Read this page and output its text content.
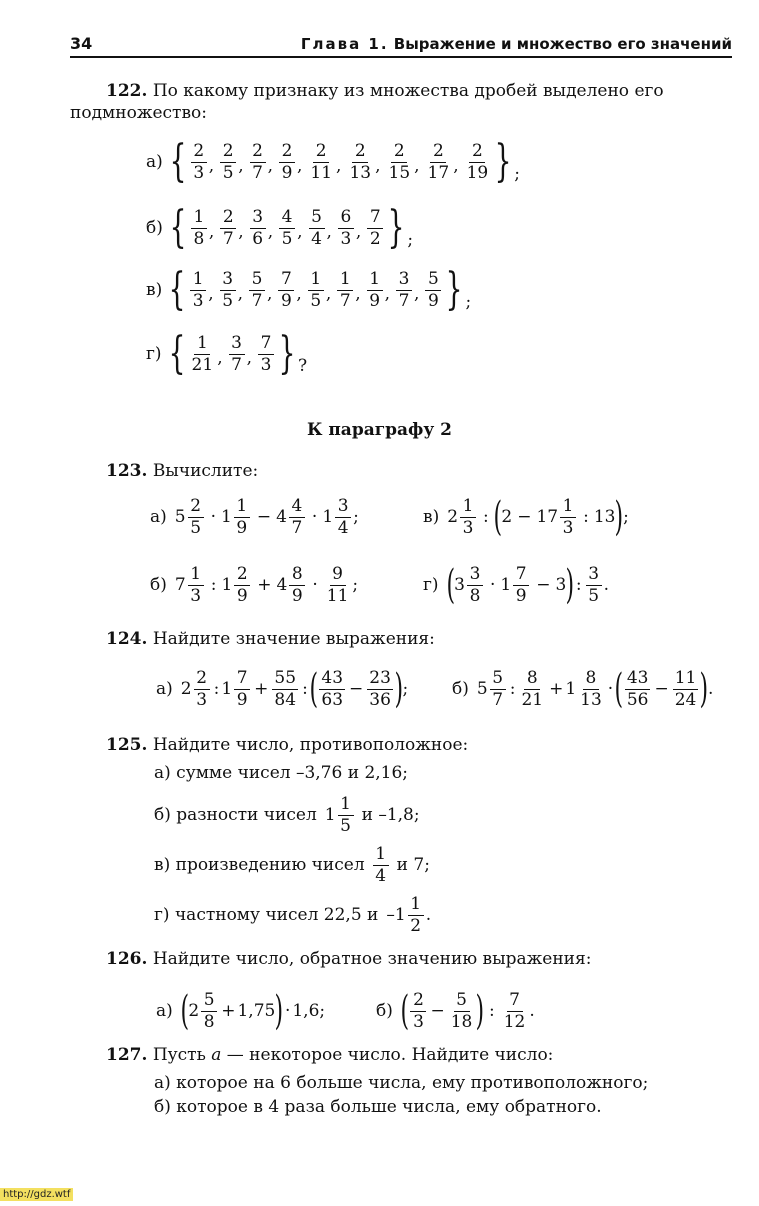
34	Глава 1. Выражение и множество его значений
122. По какому признаку из множества дробей выделено его
подмножество:
а) { $\frac{2}{3}$ , $\frac{2}{5}$ , $\frac{2}{7}$ , $\frac{2}{9}$ , $\frac{2}{11}$ , $\frac{2}{13}$ , $\frac{2}{15}$ , $\frac{2}{17}$ , $\frac{2}{19}$ } ;
б) { $\frac{1}{8}$ , $\frac{2}{7}$ , $\frac{3}{6}$ , $\frac{4}{5}$ , $\frac{5}{4}$ , $\frac{6}{3}$ , $\frac{7}{2}$ } ;
в) { $\frac{1}{3}$ , $\frac{3}{5}$ , $\frac{5}{7}$ , $\frac{7}{9}$ , $\frac{1}{5}$ , $\frac{1}{7}$ , $\frac{1}{9}$ , $\frac{3}{7}$ , $\frac{5}{9}$ } ;
г) { $\frac{1}{21}$ , $\frac{3}{7}$ , $\frac{7}{3}$ } ?
К параграфу 2
123. Вычислите:
а) $5 \frac{2}{5} \cdot 1 \frac{1}{9} - 4 \frac{4}{7} \cdot 1 \frac{3}{4}$ ;	в) $2 \frac{1}{3}$ : ( $2 - 17 \frac{1}{3}$ : 13 ) ;
б) $7 \frac{1}{3}$ : $1 \frac{2}{9} + 4 \frac{8}{9} \cdot \frac{9}{11}$ ;	г) ( $3 \frac{3}{8} \cdot 1 \frac{7}{9} - 3$ ) : $\frac{3}{5}$ .
124. Найдите значение выражения:
а) $2 \frac{2}{3}$ : $1 \frac{7}{9} + \frac{55}{84}$ : ( $\frac{43}{63} - \frac{23}{36}$ ) ;	б) $5 \frac{5}{7}$ : $\frac{8}{21} + 1 \frac{8}{13}$ · ( $\frac{43}{56} - \frac{11}{24}$ ) .
125. Найдите число, противоположное:
а) сумме чисел –3,76 и 2,16;
б) разности чисел $1 \frac{1}{5}$ и –1,8;
в) произведению чисел $\frac{1}{4}$ и 7;
г) частному чисел 22,5 и $-1 \frac{1}{2}$ .
126. Найдите число, обратное значению выражения:
а) ( $2 \frac{5}{8} + 1,75$ ) · 1,6;	б) ( $\frac{2}{3} - \frac{5}{18}$ ) : $\frac{7}{12}$ .
127. Пусть a — некоторое число. Найдите число:
а) которое на 6 больше числа, ему противоположного;
б) которое в 4 раза больше числа, ему обратного.
http://gdz.wtf
